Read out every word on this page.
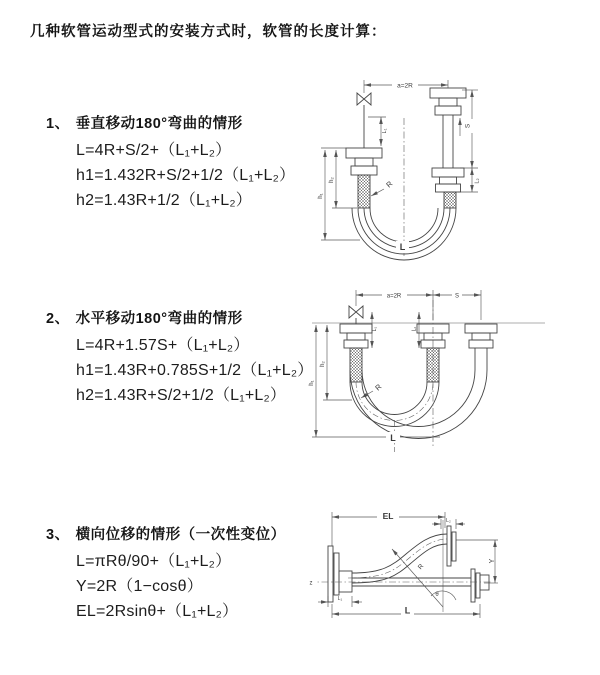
几种软管运动型式的安装方式时，软管的长度计算：
1、 垂直移动180°弯曲的情形
L=4R+S/2+（L₁+L₂）
h1=1.432R+S/2+1/2（L₁+L₂）
h2=1.43R+1/2（L₁+L₂）
2、 水平移动180°弯曲的情形
L=4R+1.57S+（L₁+L₂）
h1=1.43R+0.785S+1/2（L₁+L₂）
h2=1.43R+S/2+1/2（L₁+L₂）
3、 横向位移的情形（一次性变位）
L=πRθ/90+（L₁+L₂）
Y=2R（1−cosθ）
EL=2Rsinθ+（L₁+L₂）
a=2R
L₁
h₁
h₂
S
L₂
R
L
a=2R	S
h₁
h₂
L₁	L₂
R
L
EL	L₂
z
L₁
L
Y
R
θ
